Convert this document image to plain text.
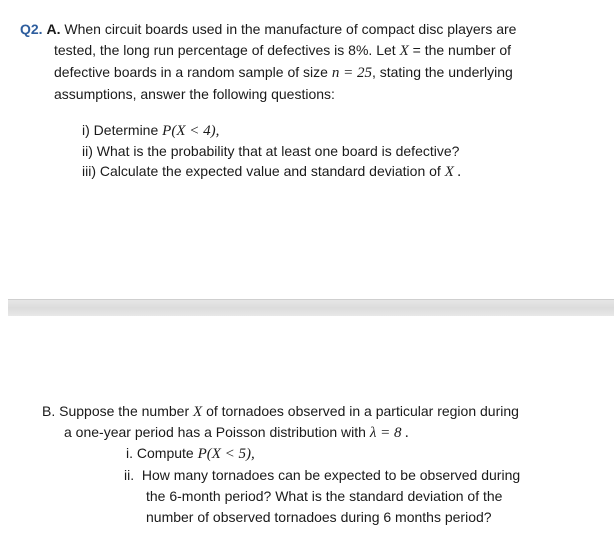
Q2. A. When circuit boards used in the manufacture of compact disc players are
tested, the long run percentage of defectives is 8%. Let X = the number of
defective boards in a random sample of size n = 25, stating the underlying
assumptions, answer the following questions:
i) Determine P(X < 4),
ii) What is the probability that at least one board is defective?
iii) Calculate the expected value and standard deviation of X .
B. Suppose the number X of tornadoes observed in a particular region during
a one-year period has a Poisson distribution with λ = 8 .
i. Compute P(X < 5),
ii. How many tornadoes can be expected to be observed during
the 6-month period? What is the standard deviation of the
number of observed tornadoes during 6 months period?
